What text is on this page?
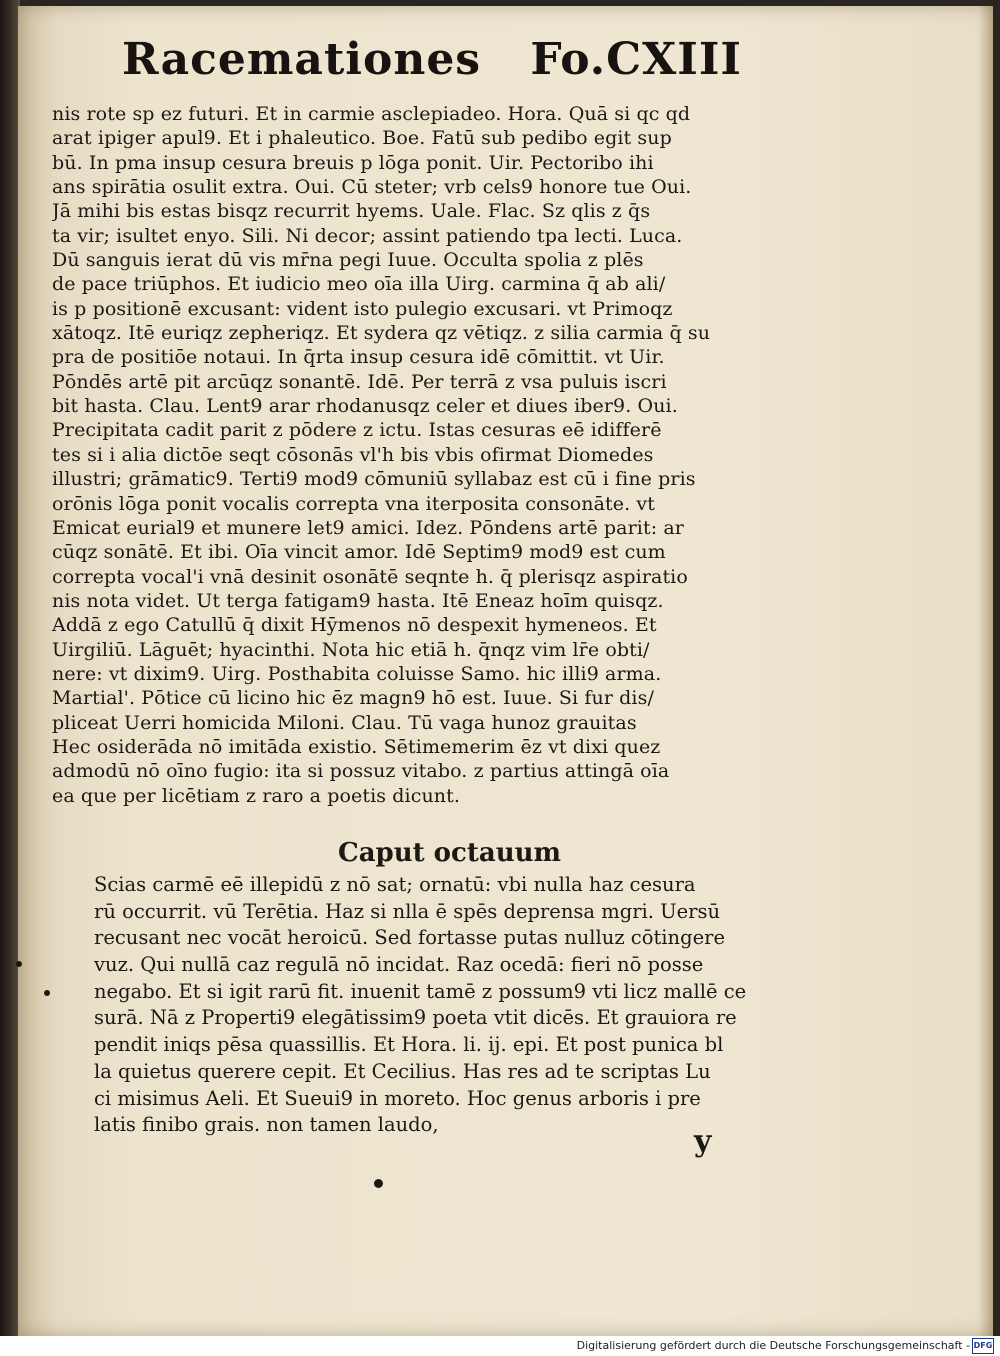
Racemationes Fo.CXIII
nis rote sp ez futuri. Et in carmie asclepiadeo. Hora. Quā si qc qd
arat ipiger apul9. Et i phaleutico. Boe. Fatū sub pedibo egit sup
bū. In pma insup cesura breuis p lōga ponit. Uir. Pectoribo ihi
ans spirātia osulit extra. Oui. Cū steter; vrb cels9 honore tue Oui.
Jā mihi bis estas bisqz recurrit hyems. Uale. Flac. Sz qlis z q̄s
ta vir; isultet enyo. Sili. Ni decor; assint patiendo tpa lecti. Luca.
Dū sanguis ierat dū vis mr̄na pegi Iuue. Occulta spolia z plēs
de pace triūphos. Et iudicio meo oīa illa Uirg. carmina q̄ ab ali/
is p positionē excusant: vident isto pulegio excusari. vt Primoqz
xātoqz. Itē euriqz zepheriqz. Et sydera qz vētiqz. z silia carmia q̄ su
pra de positiōe notaui. In q̄rta insup cesura idē cōmittit. vt Uir.
Pōndēs artē pit arcūqz sonantē. Idē. Per terrā z vsa puluis iscri
bit hasta. Clau. Lent9 arar rhodanusqz celer et diues iber9. Oui.
Precipitata cadit parit z pōdere z ictu. Istas cesuras eē idifferē
tes si i alia dictōe seqt cōsonās vl'h bis vbis ofirmat Diomedes
illustri; grāmatic9. Terti9 mod9 cōmuniū syllabaz est cū i fine pris
orōnis lōga ponit vocalis correpta vna iterposita consonāte. vt
Emicat eurial9 et munere let9 amici. Idez. Pōndens artē parit: ar
cūqz sonātē. Et ibi. Oīa vincit amor. Idē Septim9 mod9 est cum
correpta vocal'i vnā desinit osonātē seqnte h. q̄ plerisqz aspiratio
nis nota videt. Ut terga fatigam9 hasta. Itē Eneaz hoīm quisqz.
Addā z ego Catullū q̄ dixit Hȳmenos nō despexit hymeneos. Et
Uirgiliū. Lāguēt; hyacinthi. Nota hic etiā h. q̄nqz vim lr̄e obti/
nere: vt dixim9. Uirg. Posthabita coluisse Samo. hic illi9 arma.
Martial'. Pōtice cū licino hic ēz magn9 hō est. Iuue. Si fur dis/
pliceat Uerri homicida Miloni. Clau. Tū vaga hunoz grauitas
Hec osiderāda nō imitāda existio. Sētimemerim ēz vt dixi quez
admodū nō oīno fugio: ita si possuz vitabo. z partius attingā oīa
ea que per licētiam z raro a poetis dicunt.
Caput octauum
Scias carmē eē illepidū z nō sat; ornatū: vbi nulla haz cesura
rū occurrit. vū Terētia. Haz si nlla ē spēs deprensa mgri. Uersū
recusant nec vocāt heroicū. Sed fortasse putas nulluz cōtingere
vuz. Qui nullā caz regulā nō incidat. Raz ocedā: fieri nō posse
negabo. Et si igit rarū fit. inuenit tamē z possum9 vti licz mallē ce
surā. Nā z Properti9 elegātissim9 poeta vtit dicēs. Et grauiora re
pendit iniqs pēsa quassillis. Et Hora. li. ij. epi. Et post punica bl
la quietus querere cepit. Et Cecilius. Has res ad te scriptas Lu
ci misimus Aeli. Et Sueui9 in moreto. Hoc genus arboris i pre
latis finibo grais. non tamen laudo,	y
Digitalisierung gefördert durch die Deutsche Forschungsgemeinschaft - DFG
